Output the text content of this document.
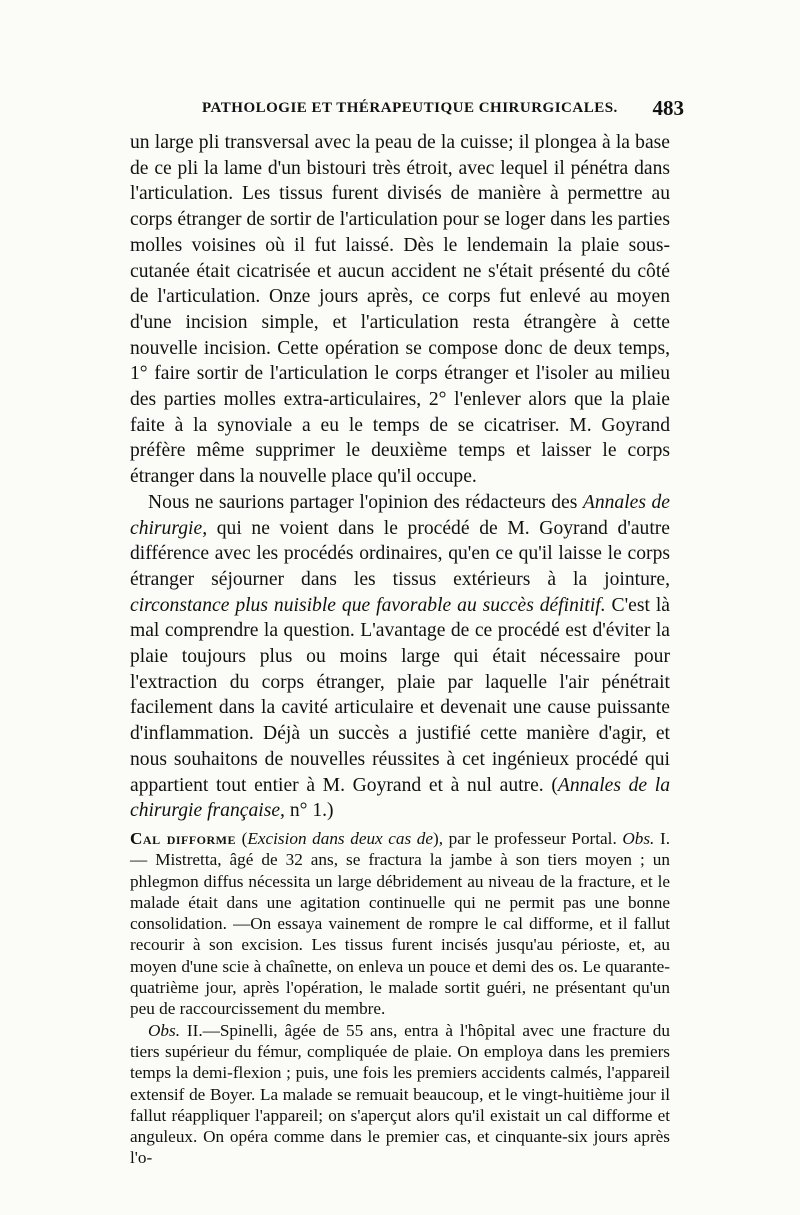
PATHOLOGIE ET THÉRAPEUTIQUE CHIRURGICALES. 483

un large pli transversal avec la peau de la cuisse; il plongea à la base de ce pli la lame d'un bistouri très étroit, avec lequel il pénétra dans l'articulation. Les tissus furent divisés de manière à permettre au corps étranger de sortir de l'articulation pour se loger dans les parties molles voisines où il fut laissé. Dès le lendemain la plaie sous-cutanée était cicatrisée et aucun accident ne s'était présenté du côté de l'articulation. Onze jours après, ce corps fut enlevé au moyen d'une incision simple, et l'articulation resta étrangère à cette nouvelle incision. Cette opération se compose donc de deux temps, 1° faire sortir de l'articulation le corps étranger et l'isoler au milieu des parties molles extra-articulaires, 2° l'enlever alors que la plaie faite à la synoviale a eu le temps de se cicatriser. M. Goyrand préfère même supprimer le deuxième temps et laisser le corps étranger dans la nouvelle place qu'il occupe.

Nous ne saurions partager l'opinion des rédacteurs des Annales de chirurgie, qui ne voient dans le procédé de M. Goyrand d'autre différence avec les procédés ordinaires, qu'en ce qu'il laisse le corps étranger séjourner dans les tissus extérieurs à la jointure, circonstance plus nuisible que favorable au succès définitif. C'est là mal comprendre la question. L'avantage de ce procédé est d'éviter la plaie toujours plus ou moins large qui était nécessaire pour l'extraction du corps étranger, plaie par laquelle l'air pénétrait facilement dans la cavité articulaire et devenait une cause puissante d'inflammation. Déjà un succès a justifié cette manière d'agir, et nous souhaitons de nouvelles réussites à cet ingénieux procédé qui appartient tout entier à M. Goyrand et à nul autre. (Annales de la chirurgie française, n° 1.)

Cal difforme (Excision dans deux cas de), par le professeur Portal. Obs. I. — Mistretta, âgé de 32 ans, se fractura la jambe à son tiers moyen ; un phlegmon diffus nécessita un large débridement au niveau de la fracture, et le malade était dans une agitation continuelle qui ne permit pas une bonne consolidation. —On essaya vainement de rompre le cal difforme, et il fallut recourir à son excision. Les tissus furent incisés jusqu'au périoste, et, au moyen d'une scie à chaînette, on enleva un pouce et demi des os. Le quarante-quatrième jour, après l'opération, le malade sortit guéri, ne présentant qu'un peu de raccourcissement du membre.

Obs. II.—Spinelli, âgée de 55 ans, entra à l'hôpital avec une fracture du tiers supérieur du fémur, compliquée de plaie. On employa dans les premiers temps la demi-flexion ; puis, une fois les premiers accidents calmés, l'appareil extensif de Boyer. La malade se remuait beaucoup, et le vingt-huitième jour il fallut réappliquer l'appareil; on s'aperçut alors qu'il existait un cal difforme et anguleux. On opéra comme dans le premier cas, et cinquante-six jours après l'o-
